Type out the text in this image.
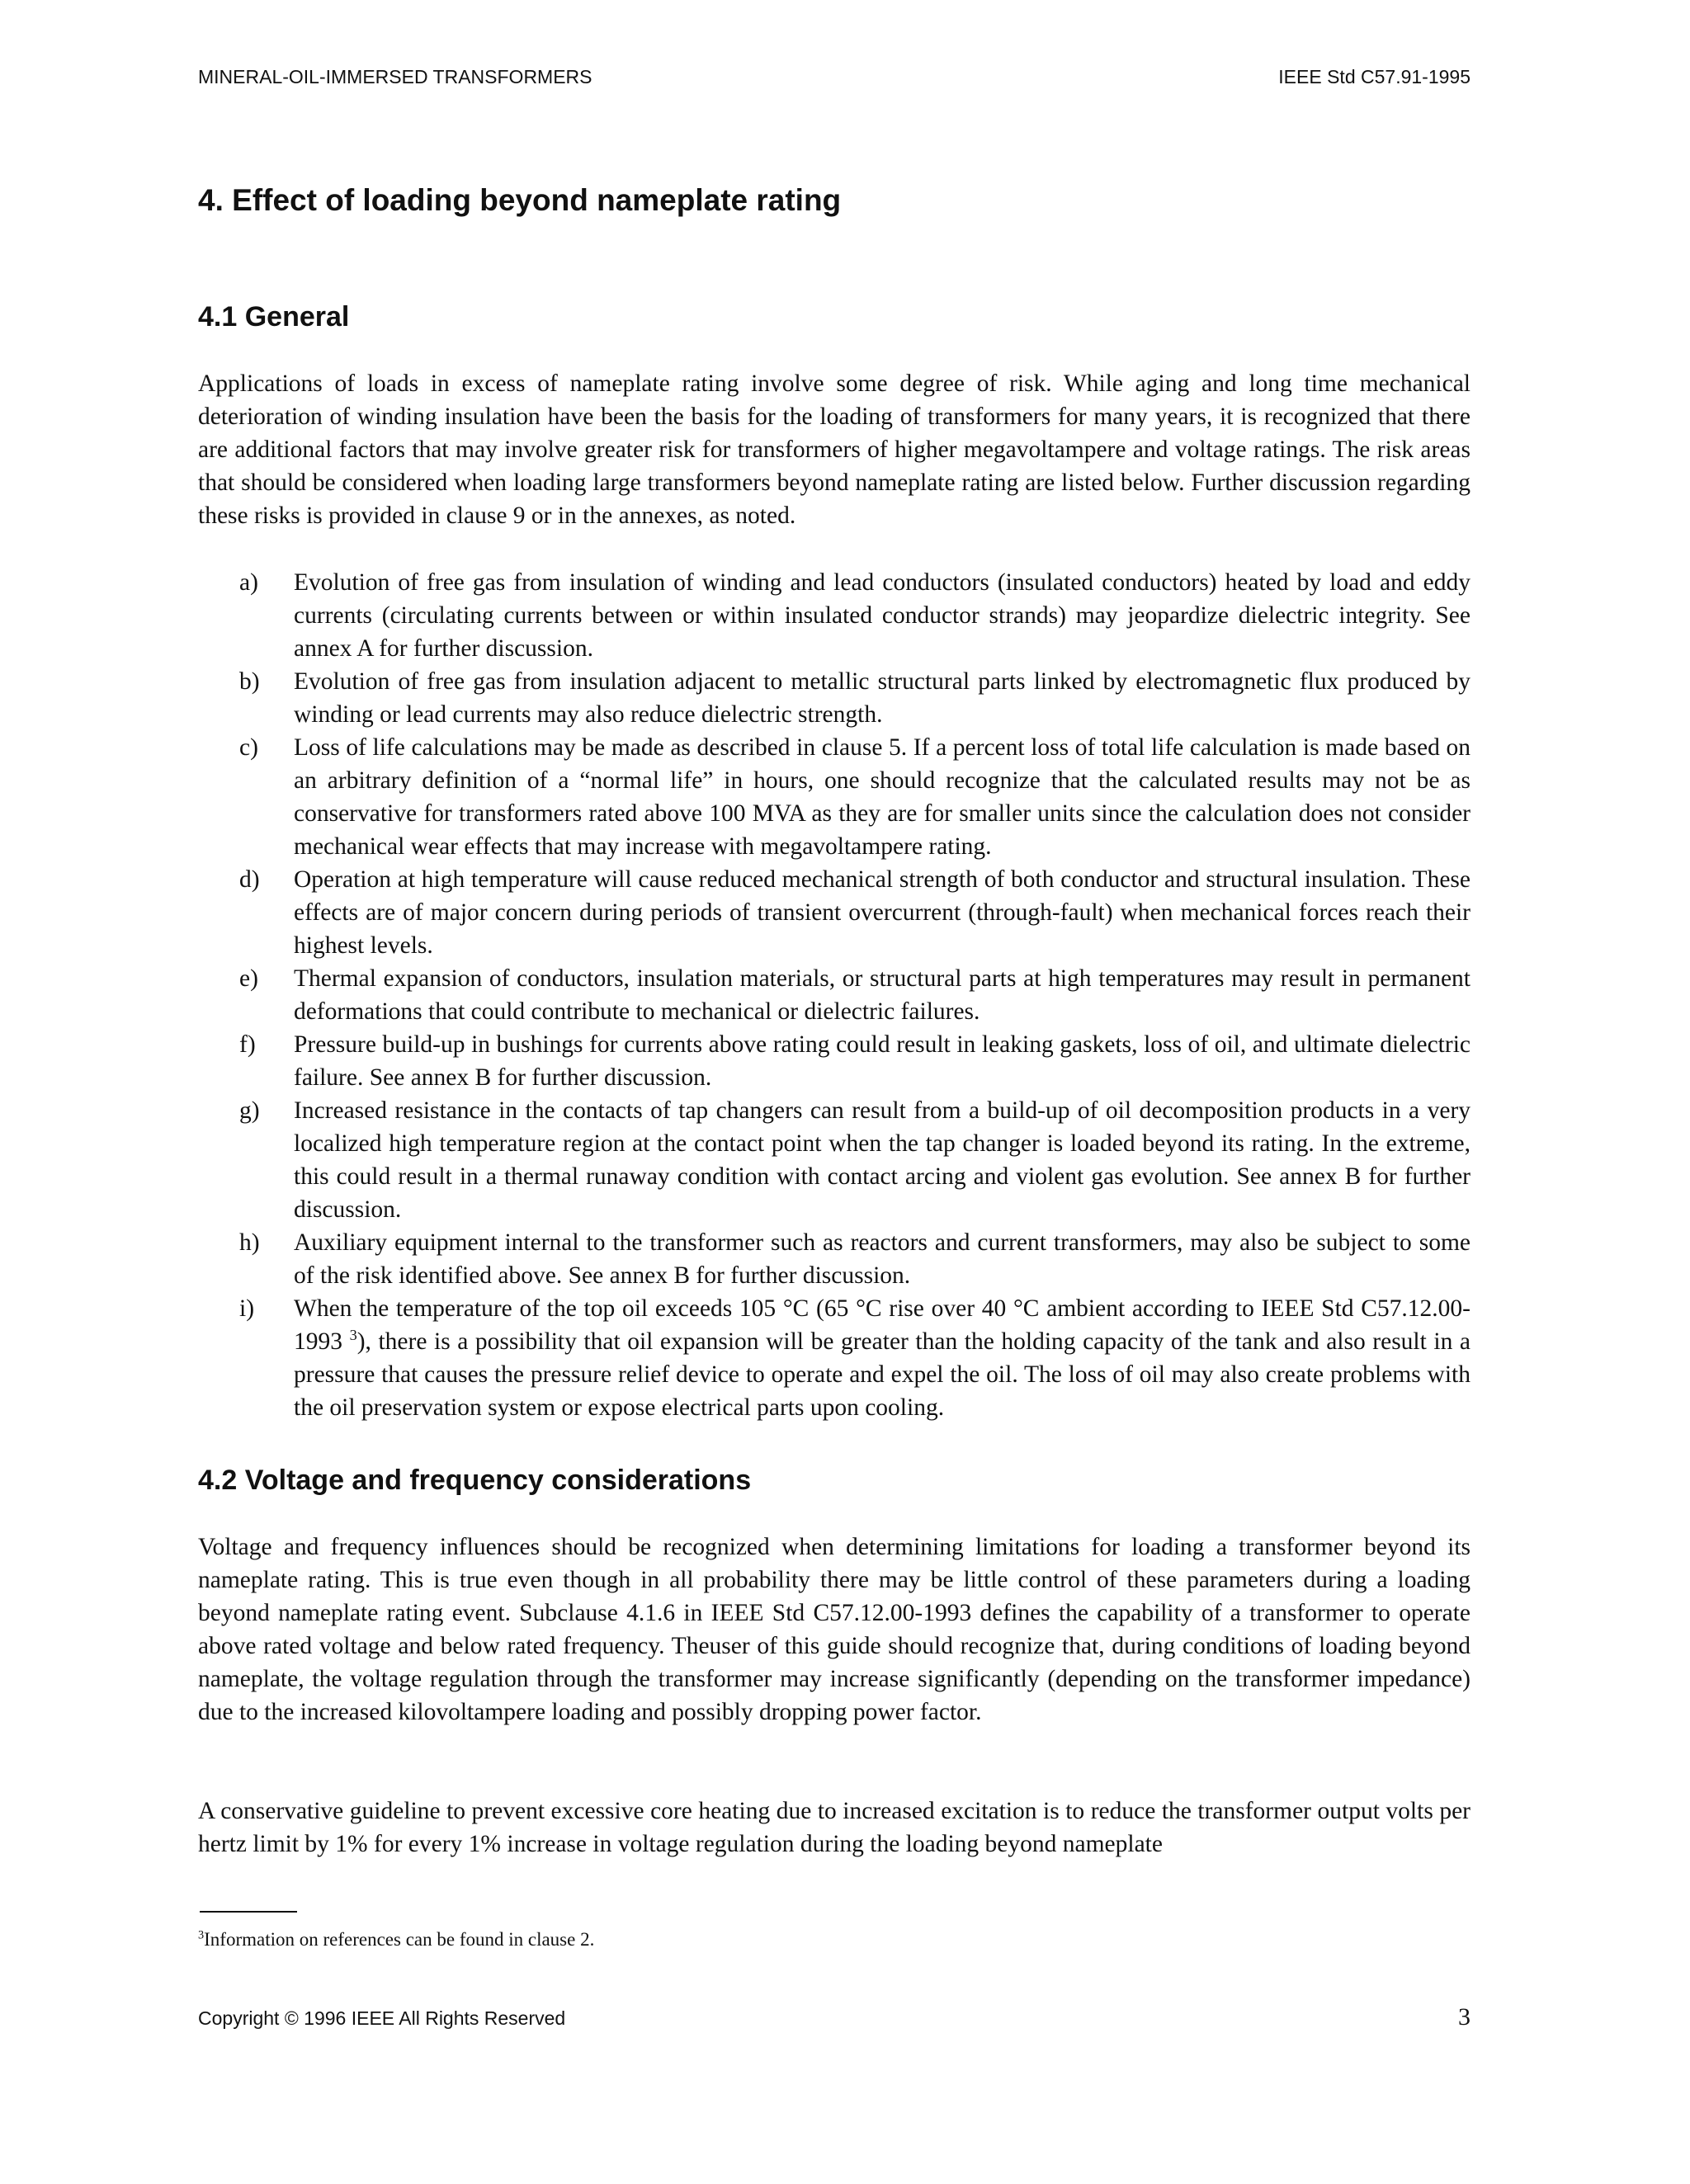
MINERAL-OIL-IMMERSED TRANSFORMERS	IEEE Std C57.91-1995
4. Effect of loading beyond nameplate rating
4.1 General

Applications of loads in excess of nameplate rating involve some degree of risk. While aging and long time mechanical deterioration of winding insulation have been the basis for the loading of transformers for many years, it is recognized that there are additional factors that may involve greater risk for transformers of higher megavoltampere and voltage ratings. The risk areas that should be considered when loading large transformers beyond nameplate rating are listed below. Further discussion regarding these risks is provided in clause 9 or in the annexes, as noted.

a) Evolution of free gas from insulation of winding and lead conductors (insulated conductors) heated by load and eddy currents (circulating currents between or within insulated conductor strands) may jeopardize dielectric integrity. See annex A for further discussion.
b) Evolution of free gas from insulation adjacent to metallic structural parts linked by electromagnetic flux produced by winding or lead currents may also reduce dielectric strength.
c) Loss of life calculations may be made as described in clause 5. If a percent loss of total life calculation is made based on an arbitrary definition of a “normal life” in hours, one should recognize that the calculated results may not be as conservative for transformers rated above 100 MVA as they are for smaller units since the calculation does not consider mechanical wear effects that may increase with megavoltampere rating.
d) Operation at high temperature will cause reduced mechanical strength of both conductor and structural insulation. These effects are of major concern during periods of transient overcurrent (through-fault) when mechanical forces reach their highest levels.
e) Thermal expansion of conductors, insulation materials, or structural parts at high temperatures may result in permanent deformations that could contribute to mechanical or dielectric failures.
f) Pressure build-up in bushings for currents above rating could result in leaking gaskets, loss of oil, and ultimate dielectric failure. See annex B for further discussion.
g) Increased resistance in the contacts of tap changers can result from a build-up of oil decomposition products in a very localized high temperature region at the contact point when the tap changer is loaded beyond its rating. In the extreme, this could result in a thermal runaway condition with contact arcing and violent gas evolution. See annex B for further discussion.
h) Auxiliary equipment internal to the transformer such as reactors and current transformers, may also be subject to some of the risk identified above. See annex B for further discussion.
i) When the temperature of the top oil exceeds 105 °C (65 °C rise over 40 °C ambient according to IEEE Std C57.12.00-1993 $^3$), there is a possibility that oil expansion will be greater than the holding capacity of the tank and also result in a pressure that causes the pressure relief device to operate and expel the oil. The loss of oil may also create problems with the oil preservation system or expose electrical parts upon cooling.
4.2 Voltage and frequency considerations

Voltage and frequency influences should be recognized when determining limitations for loading a transformer beyond its nameplate rating. This is true even though in all probability there may be little control of these parameters during a loading beyond nameplate rating event. Subclause 4.1.6 in IEEE Std C57.12.00-1993 defines the capability of a transformer to operate above rated voltage and below rated frequency. Theuser of this guide should recognize that, during conditions of loading beyond nameplate, the voltage regulation through the transformer may increase significantly (depending on the transformer impedance) due to the increased kilovoltampere loading and possibly dropping power factor.

A conservative guideline to prevent excessive core heating due to increased excitation is to reduce the transformer output volts per hertz limit by 1% for every 1% increase in voltage regulation during the loading beyond nameplate

$^3$Information on references can be found in clause 2.
Copyright © 1996 IEEE All Rights Reserved	3
